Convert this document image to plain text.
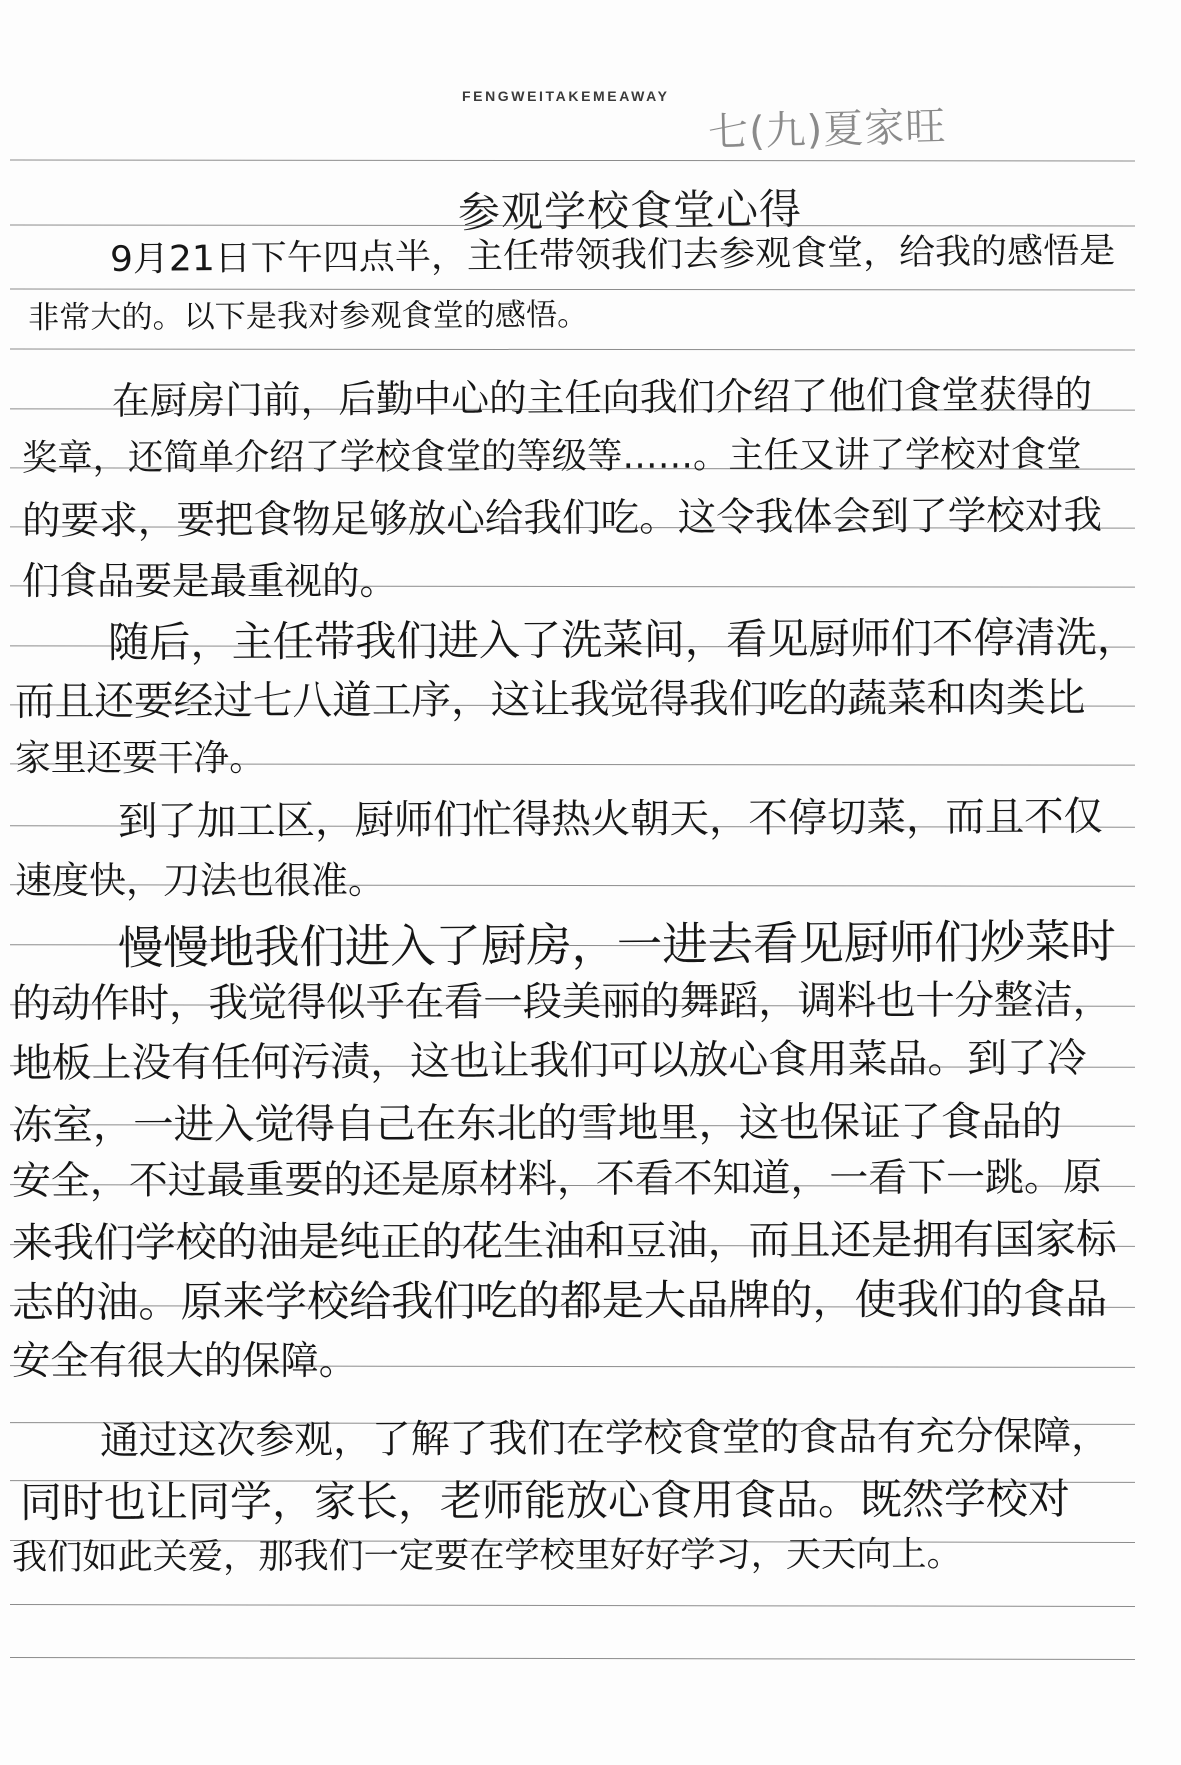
FENGWEITAKEMEAWAY
七(九)夏家旺
参观学校食堂心得
9月21日下午四点半，主任带领我们去参观食堂，给我的感悟是
非常大的。以下是我对参观食堂的感悟。
在厨房门前，后勤中心的主任向我们介绍了他们食堂获得的
奖章，还简单介绍了学校食堂的等级等……。主任又讲了学校对食堂
的要求，要把食物足够放心给我们吃。这令我体会到了学校对我
们食品要是最重视的。
随后，主任带我们进入了洗菜间，看见厨师们不停清洗，
而且还要经过七八道工序，这让我觉得我们吃的蔬菜和肉类比
家里还要干净。
到了加工区，厨师们忙得热火朝天，不停切菜，而且不仅
速度快，刀法也很准。
慢慢地我们进入了厨房，一进去看见厨师们炒菜时
的动作时，我觉得似乎在看一段美丽的舞蹈，调料也十分整洁，
地板上没有任何污渍，这也让我们可以放心食用菜品。到了冷
冻室，一进入觉得自己在东北的雪地里，这也保证了食品的
安全，不过最重要的还是原材料，不看不知道，一看下一跳。原
来我们学校的油是纯正的花生油和豆油，而且还是拥有国家标
志的油。原来学校给我们吃的都是大品牌的，使我们的食品
安全有很大的保障。
通过这次参观，了解了我们在学校食堂的食品有充分保障，
同时也让同学，家长，老师能放心食用食品。既然学校对
我们如此关爱，那我们一定要在学校里好好学习，天天向上。
